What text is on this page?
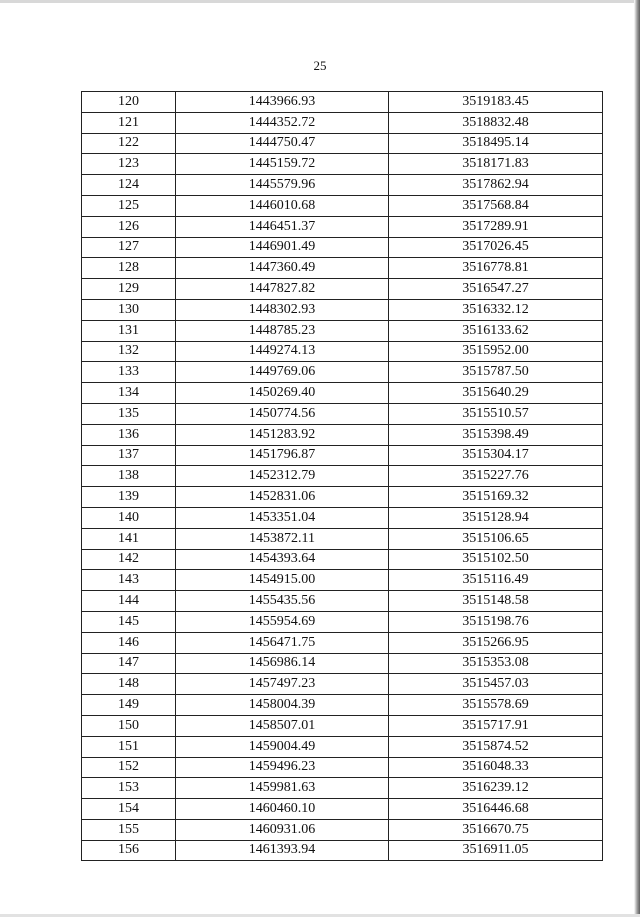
25
120	1443966.93	3519183.45
121	1444352.72	3518832.48
122	1444750.47	3518495.14
123	1445159.72	3518171.83
124	1445579.96	3517862.94
125	1446010.68	3517568.84
126	1446451.37	3517289.91
127	1446901.49	3517026.45
128	1447360.49	3516778.81
129	1447827.82	3516547.27
130	1448302.93	3516332.12
131	1448785.23	3516133.62
132	1449274.13	3515952.00
133	1449769.06	3515787.50
134	1450269.40	3515640.29
135	1450774.56	3515510.57
136	1451283.92	3515398.49
137	1451796.87	3515304.17
138	1452312.79	3515227.76
139	1452831.06	3515169.32
140	1453351.04	3515128.94
141	1453872.11	3515106.65
142	1454393.64	3515102.50
143	1454915.00	3515116.49
144	1455435.56	3515148.58
145	1455954.69	3515198.76
146	1456471.75	3515266.95
147	1456986.14	3515353.08
148	1457497.23	3515457.03
149	1458004.39	3515578.69
150	1458507.01	3515717.91
151	1459004.49	3515874.52
152	1459496.23	3516048.33
153	1459981.63	3516239.12
154	1460460.10	3516446.68
155	1460931.06	3516670.75
156	1461393.94	3516911.05
